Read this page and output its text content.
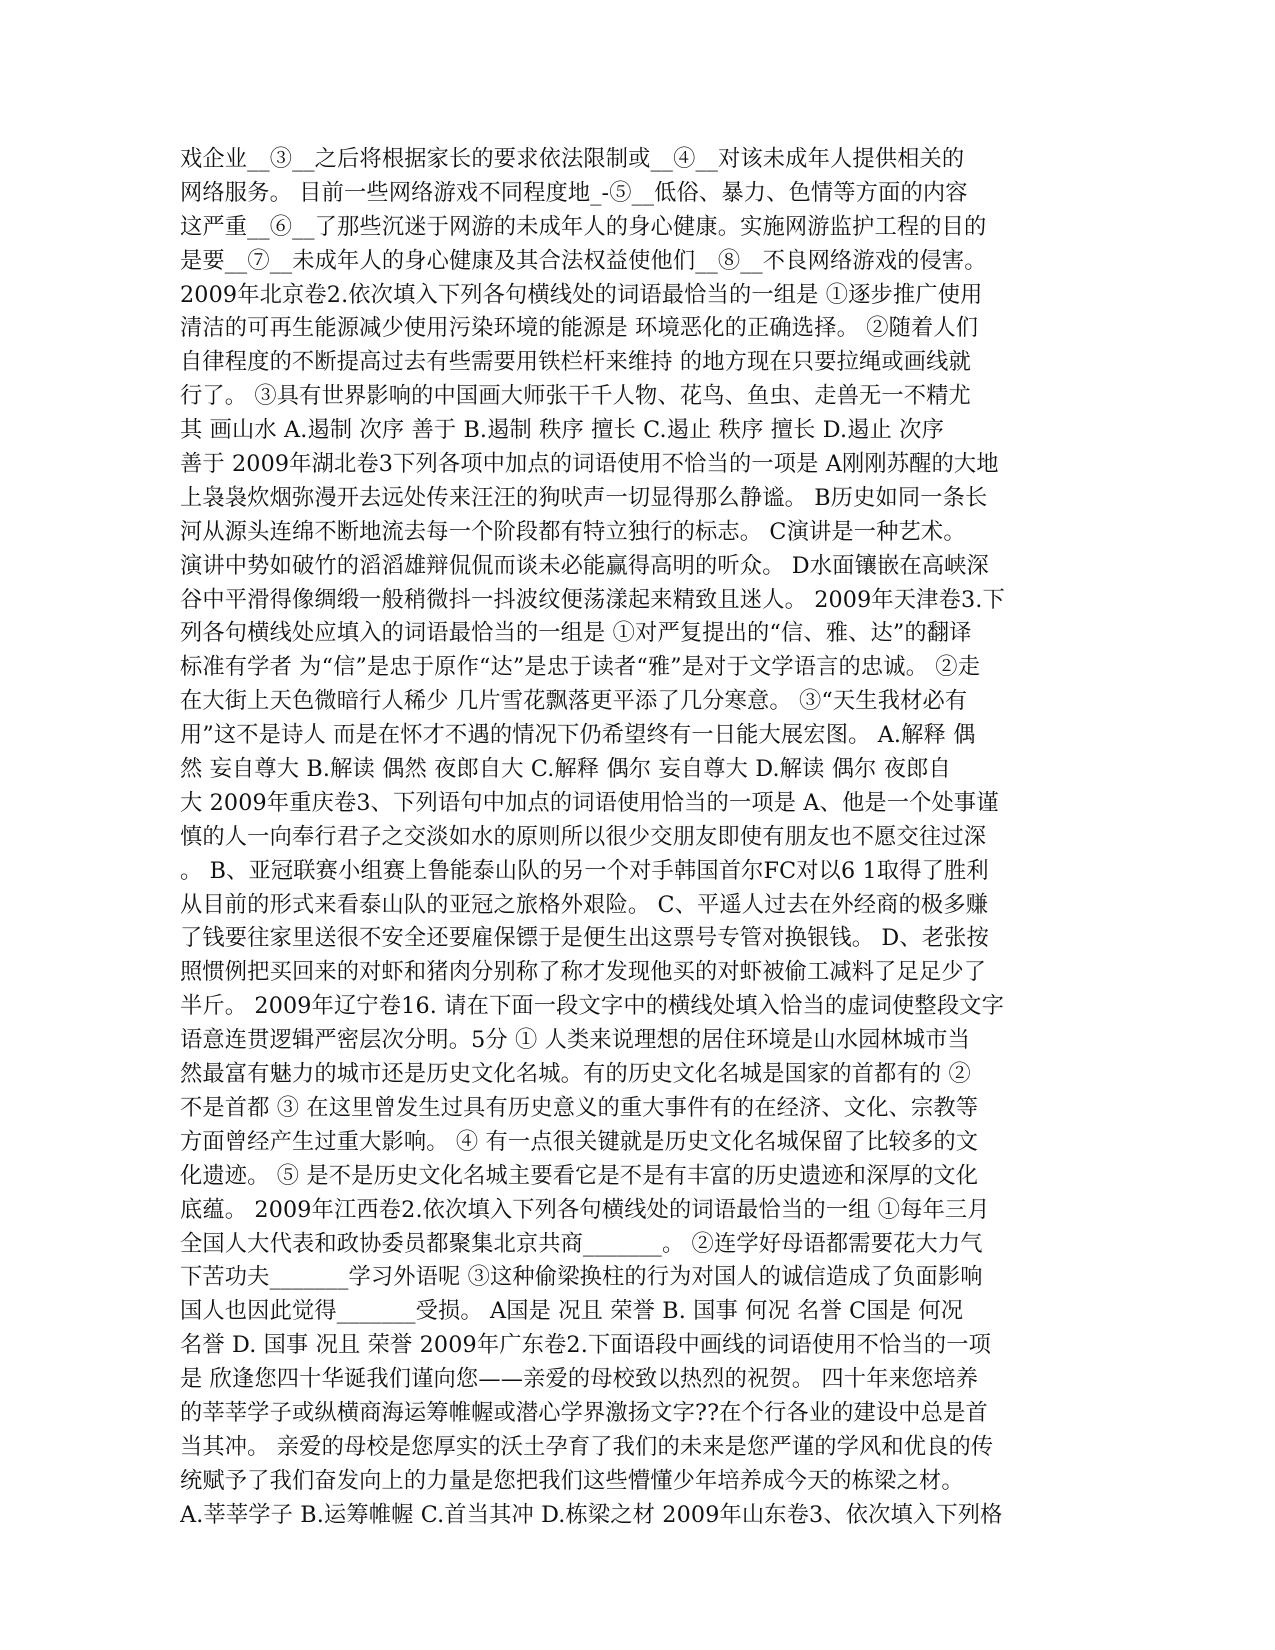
戏企业__③__之后将根据家长的要求依法限制或__④__对该未成年人提供相关的
网络服务。 目前一些网络游戏不同程度地_-⑤__低俗、暴力、色情等方面的内容
这严重__⑥__了那些沉迷于网游的未成年人的身心健康。实施网游监护工程的目的
是要__⑦__未成年人的身心健康及其合法权益使他们__⑧__不良网络游戏的侵害。
2009年北京卷2.依次填入下列各句横线处的词语最恰当的一组是 ①逐步推广使用
清洁的可再生能源减少使用污染环境的能源是 环境恶化的正确选择。 ②随着人们
自律程度的不断提高过去有些需要用铁栏杆来维持 的地方现在只要拉绳或画线就
行了。 ③具有世界影响的中国画大师张干千人物、花鸟、鱼虫、走兽无一不精尤
其 画山水 A.遏制 次序 善于 B.遏制 秩序 擅长 C.遏止 秩序 擅长 D.遏止 次序
善于 2009年湖北卷3下列各项中加点的词语使用不恰当的一项是 A刚刚苏醒的大地
上袅袅炊烟弥漫开去远处传来汪汪的狗吠声一切显得那么静谧。 B历史如同一条长
河从源头连绵不断地流去每一个阶段都有特立独行的标志。 C演讲是一种艺术。
演讲中势如破竹的滔滔雄辩侃侃而谈未必能赢得高明的听众。 D水面镶嵌在高峡深
谷中平滑得像绸缎一般稍微抖一抖波纹便荡漾起来精致且迷人。 2009年天津卷3.下
列各句横线处应填入的词语最恰当的一组是 ①对严复提出的“信、雅、达”的翻译
标准有学者 为“信”是忠于原作“达”是忠于读者“雅”是对于文学语言的忠诚。 ②走
在大街上天色微暗行人稀少 几片雪花飘落更平添了几分寒意。 ③“天生我材必有
用”这不是诗人 而是在怀才不遇的情况下仍希望终有一日能大展宏图。 A.解释 偶
然 妄自尊大 B.解读 偶然 夜郎自大 C.解释 偶尔 妄自尊大 D.解读 偶尔 夜郎自
大 2009年重庆卷3、下列语句中加点的词语使用恰当的一项是 A、他是一个处事谨
慎的人一向奉行君子之交淡如水的原则所以很少交朋友即使有朋友也不愿交往过深
。 B、亚冠联赛小组赛上鲁能泰山队的另一个对手韩国首尔FC对以6 1取得了胜利
从目前的形式来看泰山队的亚冠之旅格外艰险。 C、平遥人过去在外经商的极多赚
了钱要往家里送很不安全还要雇保镖于是便生出这票号专管对换银钱。 D、老张按
照惯例把买回来的对虾和猪肉分别称了称才发现他买的对虾被偷工减料了足足少了
半斤。 2009年辽宁卷16. 请在下面一段文字中的横线处填入恰当的虚词使整段文字
语意连贯逻辑严密层次分明。5分 ① 人类来说理想的居住环境是山水园林城市当
然最富有魅力的城市还是历史文化名城。有的历史文化名城是国家的首都有的 ②
不是首都 ③ 在这里曾发生过具有历史意义的重大事件有的在经济、文化、宗教等
方面曾经产生过重大影响。 ④ 有一点很关键就是历史文化名城保留了比较多的文
化遗迹。 ⑤ 是不是历史文化名城主要看它是不是有丰富的历史遗迹和深厚的文化
底蕴。 2009年江西卷2.依次填入下列各句横线处的词语最恰当的一组 ①每年三月
全国人大代表和政协委员都聚集北京共商_______。 ②连学好母语都需要花大力气
下苦功夫_______学习外语呢 ③这种偷梁换柱的行为对国人的诚信造成了负面影响
国人也因此觉得_______受损。 A国是 况且 荣誉 B. 国事 何况 名誉 C国是 何况
名誉 D. 国事 况且 荣誉 2009年广东卷2.下面语段中画线的词语使用不恰当的一项
是 欣逢您四十华诞我们谨向您——亲爱的母校致以热烈的祝贺。 四十年来您培养
的莘莘学子或纵横商海运筹帷幄或潜心学界激扬文字??在个行各业的建设中总是首
当其冲。 亲爱的母校是您厚实的沃土孕育了我们的未来是您严谨的学风和优良的传
统赋予了我们奋发向上的力量是您把我们这些懵懂少年培养成今天的栋梁之材。
A.莘莘学子 B.运筹帷幄 C.首当其冲 D.栋梁之材 2009年山东卷3、依次填入下列格
